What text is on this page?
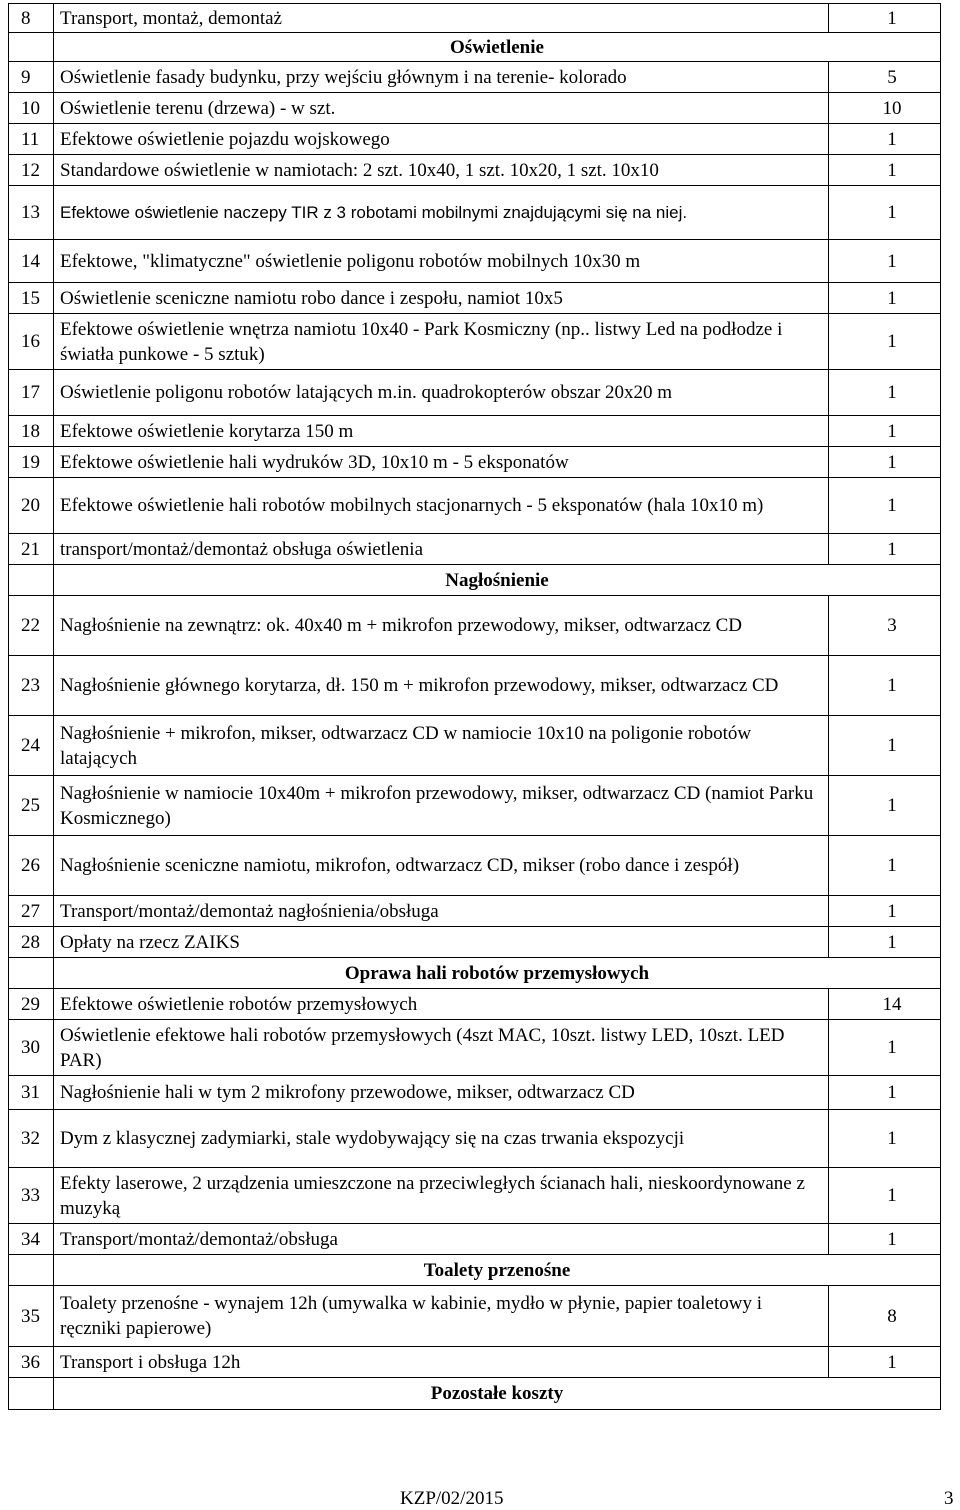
8	Transport, montaż, demontaż	1
	Oświetlenie	
9	Oświetlenie fasady budynku, przy wejściu głównym i na terenie- kolorado	5
10	Oświetlenie terenu (drzewa) - w szt.	10
11	Efektowe oświetlenie pojazdu wojskowego	1
12	Standardowe oświetlenie w namiotach: 2 szt. 10x40, 1 szt. 10x20, 1 szt. 10x10	1
13	Efektowe oświetlenie naczepy TIR z 3 robotami mobilnymi znajdującymi się na niej.	1
14	Efektowe, "klimatyczne" oświetlenie poligonu robotów mobilnych 10x30 m	1
15	Oświetlenie sceniczne namiotu robo dance i zespołu, namiot 10x5	1
16	Efektowe oświetlenie wnętrza namiotu 10x40 - Park Kosmiczny (np.. listwy Led na podłodze i światła punkowe - 5 sztuk)	1
17	Oświetlenie poligonu robotów latających m.in. quadrokopterów obszar 20x20 m	1
18	Efektowe oświetlenie korytarza 150 m	1
19	Efektowe oświetlenie hali wydruków 3D, 10x10 m - 5 eksponatów	1
20	Efektowe oświetlenie hali robotów mobilnych stacjonarnych - 5 eksponatów (hala 10x10 m)	1
21	transport/montaż/demontaż obsługa oświetlenia	1
	Nagłośnienie	
22	Nagłośnienie na zewnątrz: ok. 40x40 m + mikrofon przewodowy, mikser, odtwarzacz CD	3
23	Nagłośnienie głównego korytarza, dł. 150 m + mikrofon przewodowy, mikser, odtwarzacz CD	1
24	Nagłośnienie + mikrofon, mikser, odtwarzacz CD w namiocie 10x10 na poligonie robotów latających	1
25	Nagłośnienie w namiocie 10x40m + mikrofon przewodowy, mikser, odtwarzacz CD (namiot Parku Kosmicznego)	1
26	Nagłośnienie sceniczne namiotu, mikrofon, odtwarzacz CD, mikser (robo dance i zespół)	1
27	Transport/montaż/demontaż nagłośnienia/obsługa	1
28	Opłaty na rzecz ZAIKS	1
	Oprawa hali robotów przemysłowych	
29	Efektowe oświetlenie robotów przemysłowych	14
30	Oświetlenie efektowe hali robotów przemysłowych (4szt MAC, 10szt. listwy LED, 10szt. LED PAR)	1
31	Nagłośnienie hali w tym 2 mikrofony przewodowe, mikser, odtwarzacz CD	1
32	Dym z klasycznej zadymiarki, stale wydobywający się na czas trwania ekspozycji	1
33	Efekty laserowe, 2 urządzenia umieszczone na przeciwległych ścianach hali, nieskoordynowane z muzyką	1
34	Transport/montaż/demontaż/obsługa	1
	Toalety przenośne	
35	Toalety przenośne - wynajem 12h (umywalka w kabinie, mydło w płynie, papier toaletowy i ręczniki papierowe)	8
36	Transport i obsługa 12h	1
	Pozostałe koszty	
KZP/02/2015	3
